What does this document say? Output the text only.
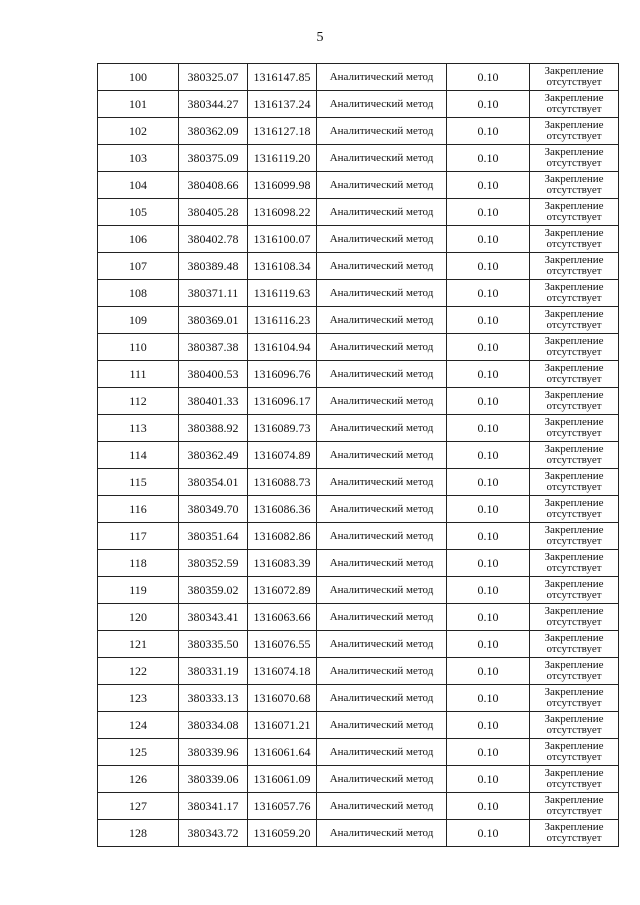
5
100	380325.07	1316147.85	Аналитический метод	0.10	Закрепление отсутствует
101	380344.27	1316137.24	Аналитический метод	0.10	Закрепление отсутствует
102	380362.09	1316127.18	Аналитический метод	0.10	Закрепление отсутствует
103	380375.09	1316119.20	Аналитический метод	0.10	Закрепление отсутствует
104	380408.66	1316099.98	Аналитический метод	0.10	Закрепление отсутствует
105	380405.28	1316098.22	Аналитический метод	0.10	Закрепление отсутствует
106	380402.78	1316100.07	Аналитический метод	0.10	Закрепление отсутствует
107	380389.48	1316108.34	Аналитический метод	0.10	Закрепление отсутствует
108	380371.11	1316119.63	Аналитический метод	0.10	Закрепление отсутствует
109	380369.01	1316116.23	Аналитический метод	0.10	Закрепление отсутствует
110	380387.38	1316104.94	Аналитический метод	0.10	Закрепление отсутствует
111	380400.53	1316096.76	Аналитический метод	0.10	Закрепление отсутствует
112	380401.33	1316096.17	Аналитический метод	0.10	Закрепление отсутствует
113	380388.92	1316089.73	Аналитический метод	0.10	Закрепление отсутствует
114	380362.49	1316074.89	Аналитический метод	0.10	Закрепление отсутствует
115	380354.01	1316088.73	Аналитический метод	0.10	Закрепление отсутствует
116	380349.70	1316086.36	Аналитический метод	0.10	Закрепление отсутствует
117	380351.64	1316082.86	Аналитический метод	0.10	Закрепление отсутствует
118	380352.59	1316083.39	Аналитический метод	0.10	Закрепление отсутствует
119	380359.02	1316072.89	Аналитический метод	0.10	Закрепление отсутствует
120	380343.41	1316063.66	Аналитический метод	0.10	Закрепление отсутствует
121	380335.50	1316076.55	Аналитический метод	0.10	Закрепление отсутствует
122	380331.19	1316074.18	Аналитический метод	0.10	Закрепление отсутствует
123	380333.13	1316070.68	Аналитический метод	0.10	Закрепление отсутствует
124	380334.08	1316071.21	Аналитический метод	0.10	Закрепление отсутствует
125	380339.96	1316061.64	Аналитический метод	0.10	Закрепление отсутствует
126	380339.06	1316061.09	Аналитический метод	0.10	Закрепление отсутствует
127	380341.17	1316057.76	Аналитический метод	0.10	Закрепление отсутствует
128	380343.72	1316059.20	Аналитический метод	0.10	Закрепление отсутствует
